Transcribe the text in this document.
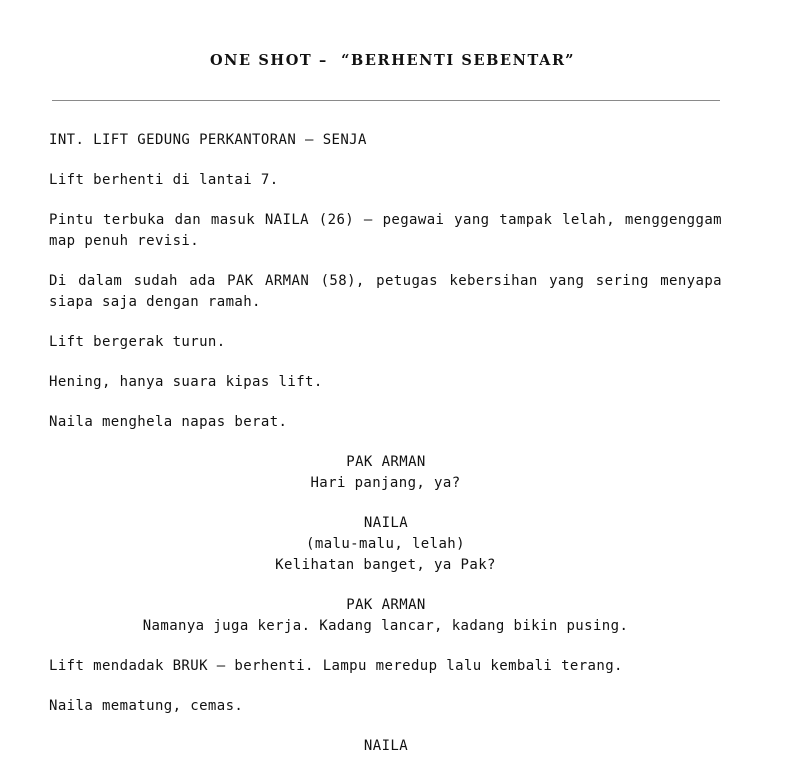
ONE SHOT –  “BERHENTI SEBENTAR”

INT. LIFT GEDUNG PERKANTORAN – SENJA

Lift berhenti di lantai 7.

Pintu terbuka dan masuk NAILA (26) — pegawai yang tampak lelah, menggenggam map penuh revisi.

Di dalam sudah ada PAK ARMAN (58), petugas kebersihan yang sering menyapa siapa saja dengan ramah.

Lift bergerak turun.

Hening, hanya suara kipas lift.

Naila menghela napas berat.

PAK ARMAN
Hari panjang, ya?
NAILA
(malu-malu, lelah)
Kelihatan banget, ya Pak?
PAK ARMAN
Namanya juga kerja. Kadang lancar, kadang bikin pusing.

Lift mendadak BRUK — berhenti. Lampu meredup lalu kembali terang.

Naila mematung, cemas.

NAILA
